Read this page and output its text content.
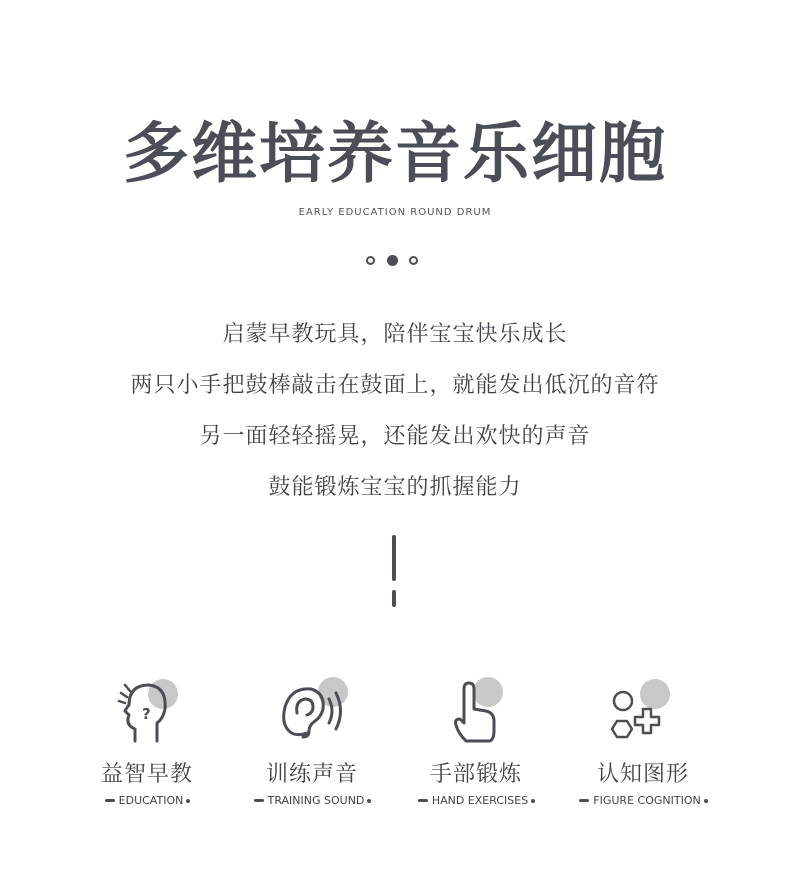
多维培养音乐细胞
EARLY EDUCATION ROUND DRUM
启蒙早教玩具，陪伴宝宝快乐成长
两只小手把鼓棒敲击在鼓面上，就能发出低沉的音符
另一面轻轻摇晃，还能发出欢快的声音
鼓能锻炼宝宝的抓握能力
?
益智早教
EDUCATION
训练声音
TRAINING SOUND
手部锻炼
HAND EXERCISES
认知图形
FIGURE COGNITION
